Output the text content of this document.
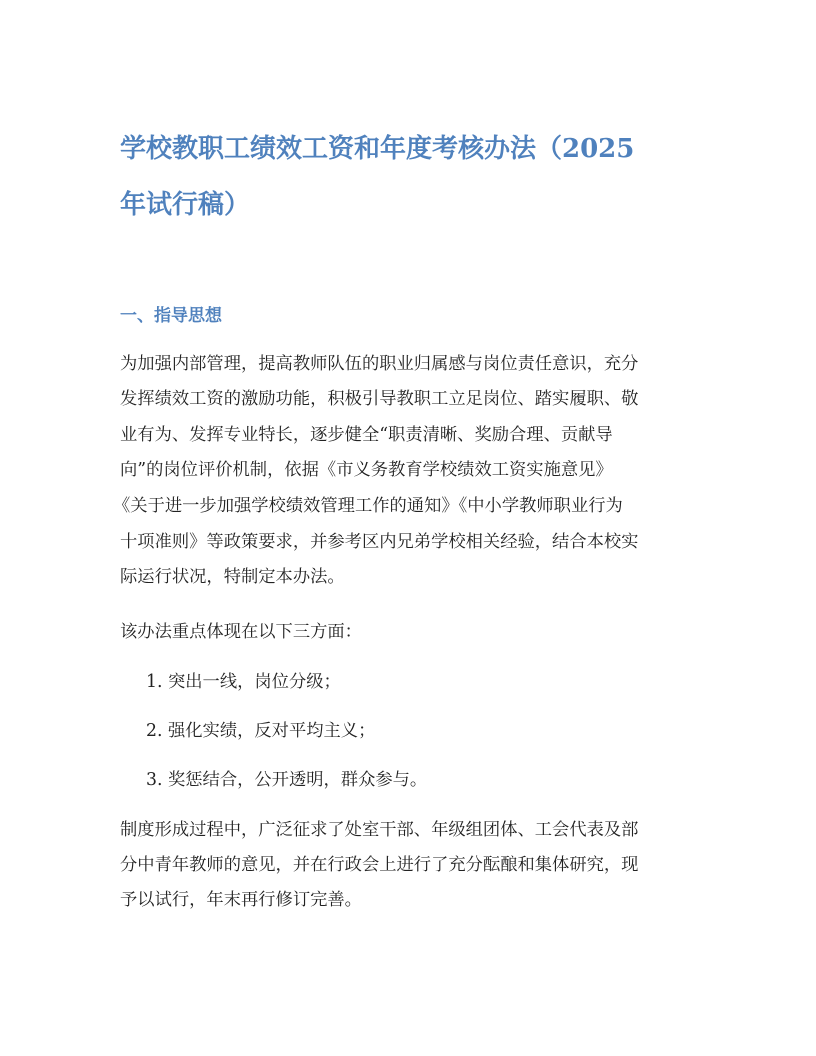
学校教职工绩效工资和年度考核办法（2025
年试行稿）
一、指导思想
为加强内部管理，提高教师队伍的职业归属感与岗位责任意识，充分
发挥绩效工资的激励功能，积极引导教职工立足岗位、踏实履职、敬
业有为、发挥专业特长，逐步健全“职责清晰、奖励合理、贡献导
向”的岗位评价机制，依据《市义务教育学校绩效工资实施意见》
《关于进一步加强学校绩效管理工作的通知》《中小学教师职业行为
十项准则》等政策要求，并参考区内兄弟学校相关经验，结合本校实
际运行状况，特制定本办法。
该办法重点体现在以下三方面：
1. 突出一线，岗位分级；
2. 强化实绩，反对平均主义；
3. 奖惩结合，公开透明，群众参与。
制度形成过程中，广泛征求了处室干部、年级组团体、工会代表及部
分中青年教师的意见，并在行政会上进行了充分酝酿和集体研究，现
予以试行，年末再行修订完善。
